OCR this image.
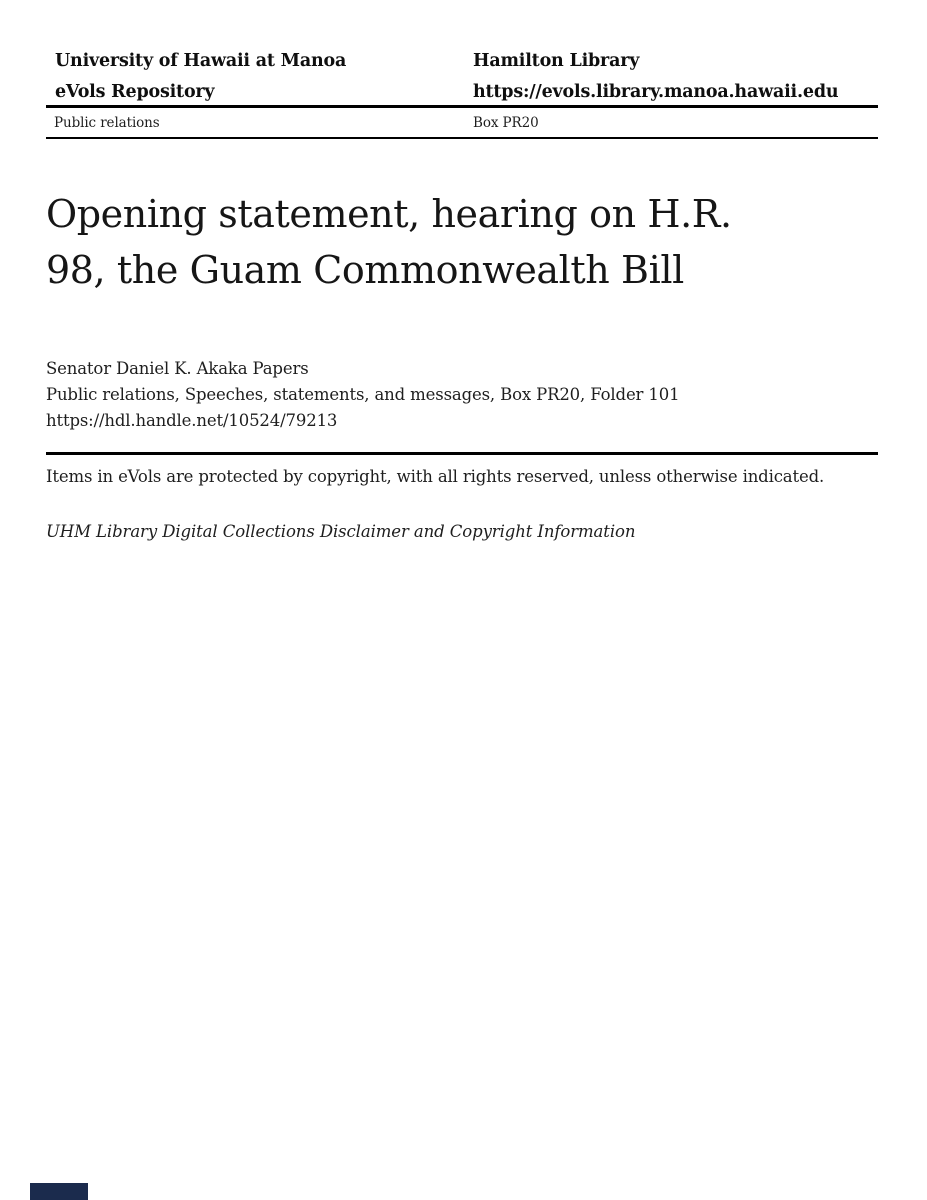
University of Hawaii at Manoa	Hamilton Library
eVols Repository	https://evols.library.manoa.hawaii.edu
Public relations	Box PR20
Opening statement, hearing on H.R.
98, the Guam Commonwealth Bill
Senator Daniel K. Akaka Papers
Public relations, Speeches, statements, and messages, Box PR20, Folder 101
https://hdl.handle.net/10524/79213
Items in eVols are protected by copyright, with all rights reserved, unless otherwise indicated.
UHM Library Digital Collections Disclaimer and Copyright Information
